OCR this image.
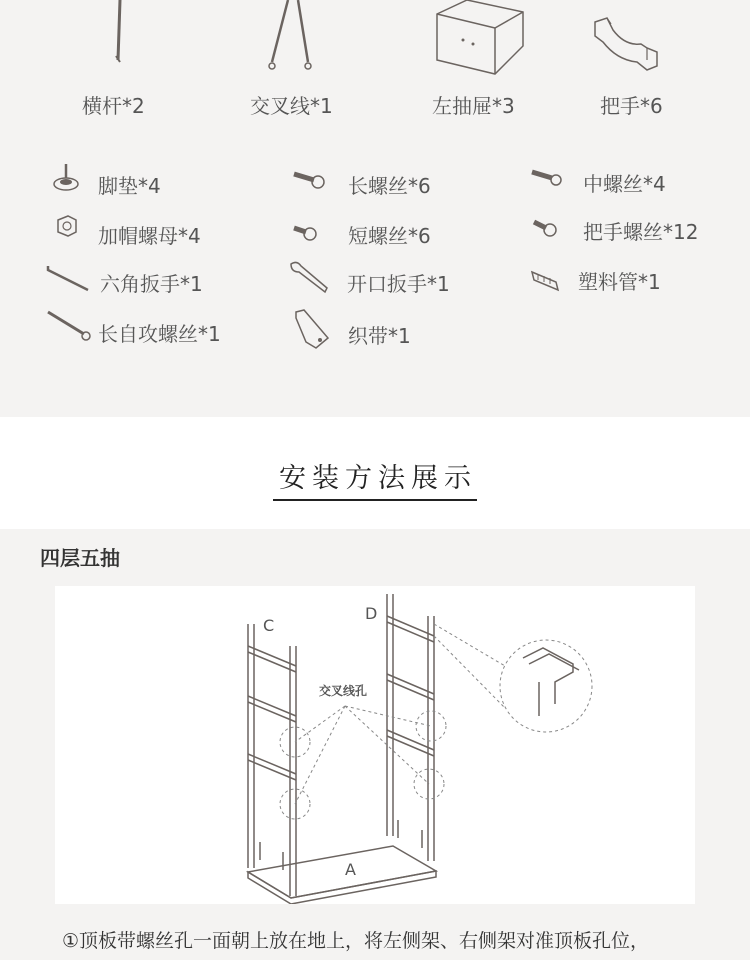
横杆*2	交叉线*1	左抽屉*3	把手*6
脚垫*4	长螺丝*6	中螺丝*4
加帽螺母*4	短螺丝*6	把手螺丝*12
六角扳手*1	开口扳手*1	塑料管*1
长自攻螺丝*1	织带*1
安装方法展示
四层五抽
C
D
A
交叉线孔
①顶板带螺丝孔一面朝上放在地上，将左侧架、右侧架对准顶板孔位，
